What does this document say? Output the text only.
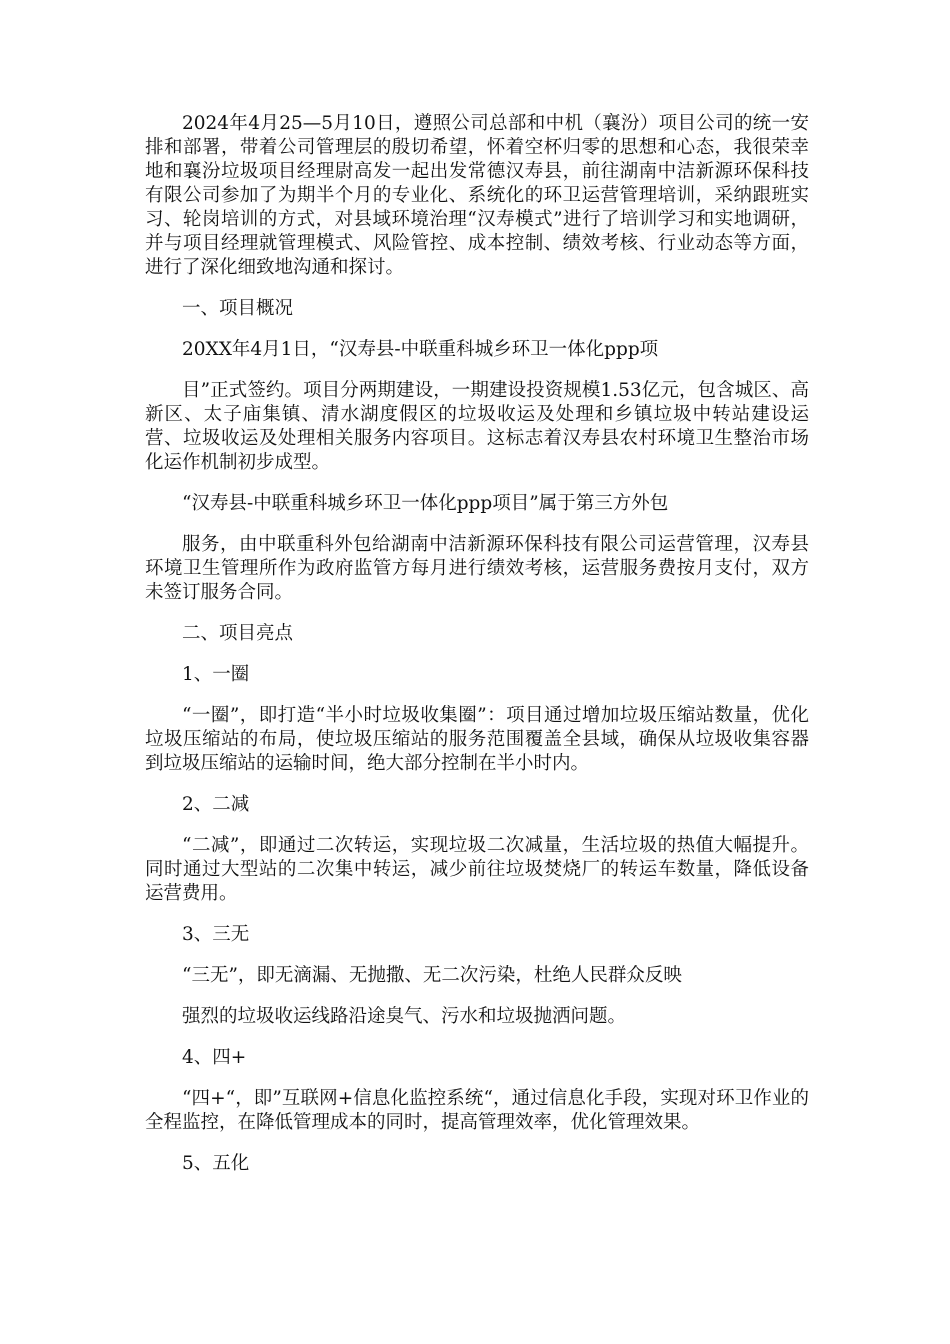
2024年4月25—5月10日，遵照公司总部和中机（襄汾）项目公司的统一安排和部署，带着公司管理层的殷切希望，怀着空杯归零的思想和心态，我很荣幸地和襄汾垃圾项目经理尉高发一起出发常德汉寿县，前往湖南中洁新源环保科技有限公司参加了为期半个月的专业化、系统化的环卫运营管理培训，采纳跟班实习、轮岗培训的方式，对县域环境治理“汉寿模式”进行了培训学习和实地调研，并与项目经理就管理模式、风险管控、成本控制、绩效考核、行业动态等方面，进行了深化细致地沟通和探讨。

一、项目概况

20XX年4月1日，“汉寿县-中联重科城乡环卫一体化ppp项

目”正式签约。项目分两期建设，一期建设投资规模1.53亿元，包含城区、高新区、太子庙集镇、清水湖度假区的垃圾收运及处理和乡镇垃圾中转站建设运营、垃圾收运及处理相关服务内容项目。这标志着汉寿县农村环境卫生整治市场化运作机制初步成型。

“汉寿县-中联重科城乡环卫一体化ppp项目”属于第三方外包

服务，由中联重科外包给湖南中洁新源环保科技有限公司运营管理，汉寿县环境卫生管理所作为政府监管方每月进行绩效考核，运营服务费按月支付，双方未签订服务合同。

二、项目亮点

1、一圈

“一圈”，即打造“半小时垃圾收集圈”：项目通过增加垃圾压缩站数量，优化垃圾压缩站的布局，使垃圾压缩站的服务范围覆盖全县域，确保从垃圾收集容器到垃圾压缩站的运输时间，绝大部分控制在半小时内。

2、二减

“二减”，即通过二次转运，实现垃圾二次减量，生活垃圾的热值大幅提升。同时通过大型站的二次集中转运，减少前往垃圾焚烧厂的转运车数量，降低设备运营费用。

3、三无

“三无”，即无滴漏、无抛撒、无二次污染，杜绝人民群众反映

强烈的垃圾收运线路沿途臭气、污水和垃圾抛洒问题。

4、四+

“四+“，即”互联网+信息化监控系统“，通过信息化手段，实现对环卫作业的全程监控，在降低管理成本的同时，提高管理效率，优化管理效果。

5、五化
